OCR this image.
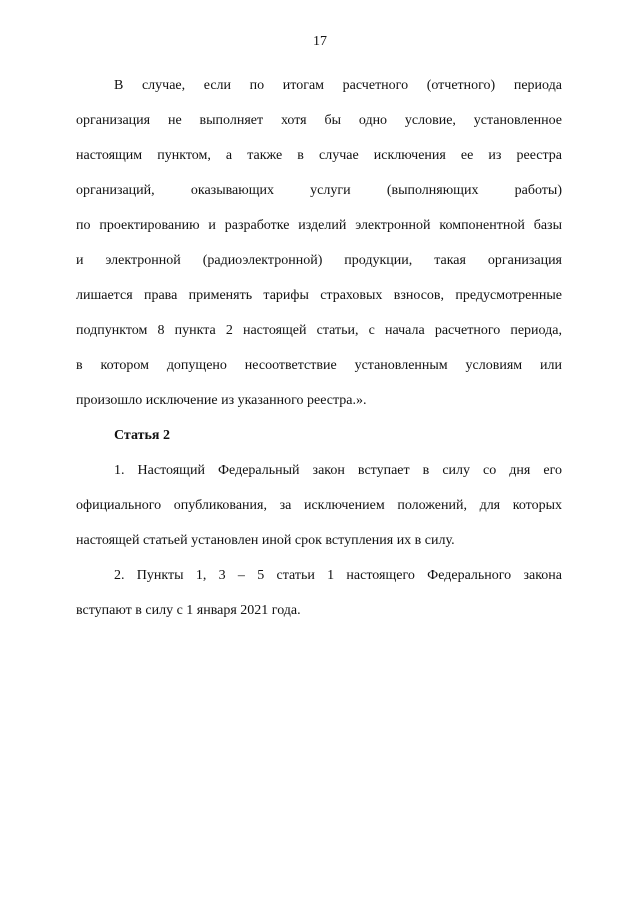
17
В случае, если по итогам расчетного (отчетного) периода
организация не выполняет хотя бы одно условие, установленное
настоящим пунктом, а также в случае исключения ее из реестра
организаций, оказывающих услуги (выполняющих работы)
по проектированию и разработке изделий электронной компонентной базы
и электронной (радиоэлектронной) продукции, такая организация
лишается права применять тарифы страховых взносов, предусмотренные
подпунктом 8 пункта 2 настоящей статьи, с начала расчетного периода,
в котором допущено несоответствие установленным условиям или
произошло исключение из указанного реестра.».
Статья 2
1. Настоящий Федеральный закон вступает в силу со дня его
официального опубликования, за исключением положений, для которых
настоящей статьей установлен иной срок вступления их в силу.
2. Пункты 1, 3 – 5 статьи 1 настоящего Федерального закона
вступают в силу с 1 января 2021 года.
